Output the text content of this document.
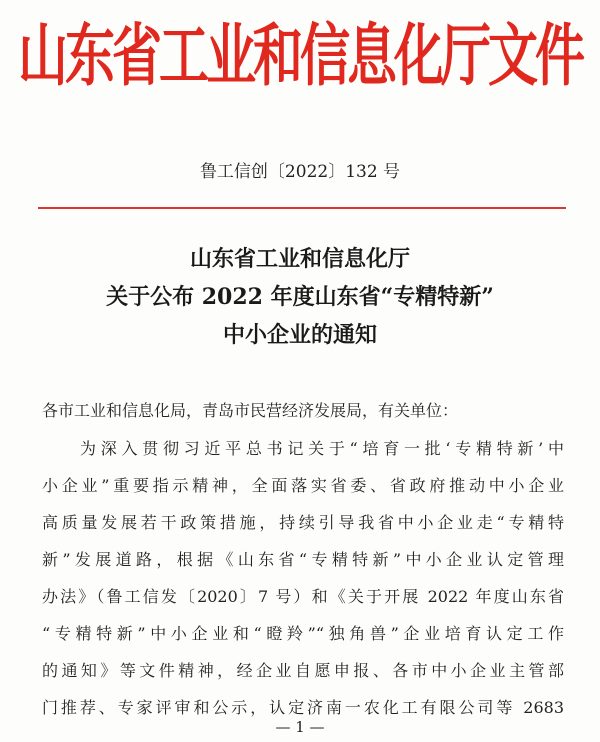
山东省工业和信息化厅文件
鲁工信创〔2022〕132 号
山东省工业和信息化厅
关于公布 2022 年度山东省“专精特新”
中小企业的通知
各市工业和信息化局，青岛市民营经济发展局，有关单位：
为深入贯彻习近平总书记关于“培育一批‘专精特新’中
小企业”重要指示精神，全面落实省委、省政府推动中小企业
高质量发展若干政策措施，持续引导我省中小企业走“专精特
新”发展道路，根据《山东省“专精特新”中小企业认定管理
办法》（鲁工信发〔2020〕7 号）和《关于开展 2022 年度山东省
“专精特新”中小企业和“瞪羚”“独角兽”企业培育认定工作
的通知》等文件精神，经企业自愿申报、各市中小企业主管部
门推荐、专家评审和公示，认定济南一农化工有限公司等 2683
— 1 —
